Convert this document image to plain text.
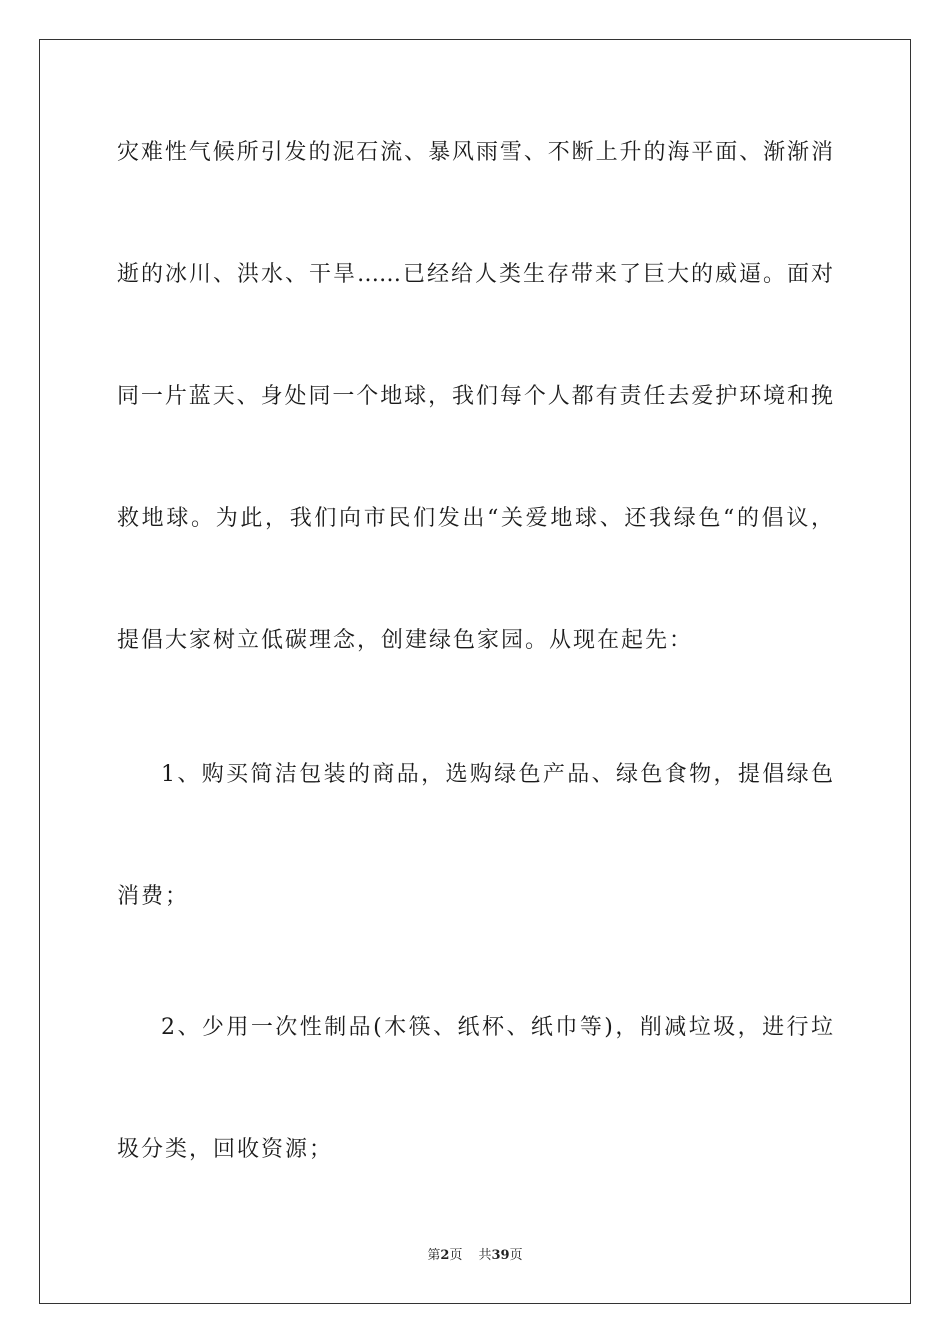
灾难性气候所引发的泥石流、暴风雨雪、不断上升的海平面、渐渐消
逝的冰川、洪水、干旱……已经给人类生存带来了巨大的威逼。面对
同一片蓝天、身处同一个地球，我们每个人都有责任去爱护环境和挽
救地球。为此，我们向市民们发出“关爱地球、还我绿色“的倡议，
提倡大家树立低碳理念，创建绿色家园。从现在起先：
1、购买简洁包装的商品，选购绿色产品、绿色食物，提倡绿色
消费；
2、少用一次性制品(木筷、纸杯、纸巾等)，削减垃圾，进行垃
圾分类，回收资源；
第2页 共39页
